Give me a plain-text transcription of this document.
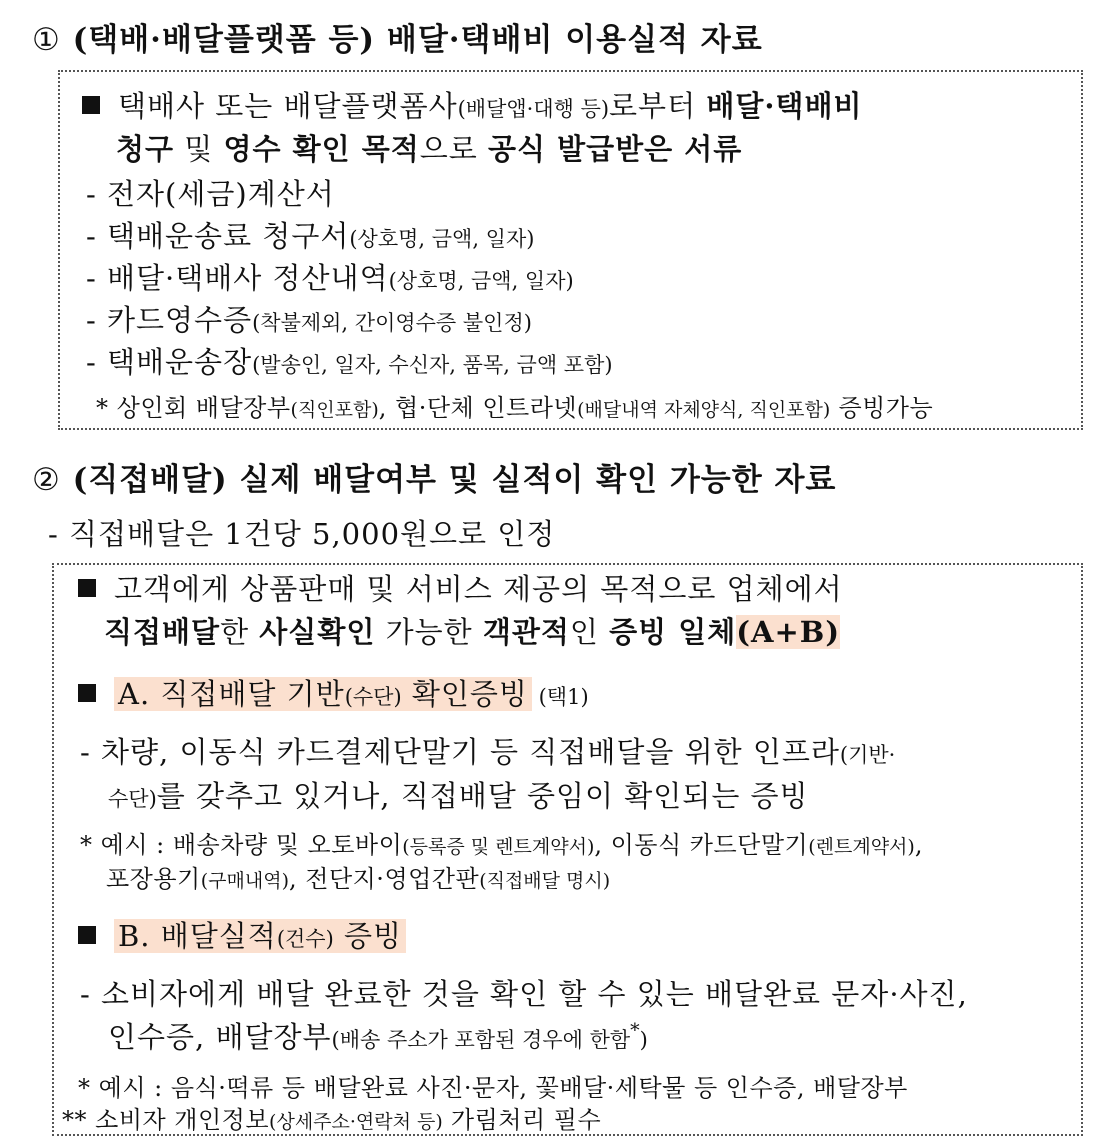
① (택배·배달플랫폼 등) 배달·택배비 이용실적 자료
택배사 또는 배달플랫폼사(배달앱·대행 등)로부터 배달·택배비
청구 및 영수 확인 목적으로 공식 발급받은 서류
- 전자(세금)계산서
- 택배운송료 청구서(상호명, 금액, 일자)
- 배달·택배사 정산내역(상호명, 금액, 일자)
- 카드영수증(착불제외, 간이영수증 불인정)
- 택배운송장(발송인, 일자, 수신자, 품목, 금액 포함)
* 상인회 배달장부(직인포함), 협·단체 인트라넷(배달내역 자체양식, 직인포함) 증빙가능
② (직접배달) 실제 배달여부 및 실적이 확인 가능한 자료
- 직접배달은 1건당 5,000원으로 인정
고객에게 상품판매 및 서비스 제공의 목적으로 업체에서
직접배달한 사실확인 가능한 객관적인 증빙 일체(A+B)
A. 직접배달 기반(수단) 확인증빙 (택1)
- 차량, 이동식 카드결제단말기 등 직접배달을 위한 인프라(기반·
수단)를 갖추고 있거나, 직접배달 중임이 확인되는 증빙
* 예시 : 배송차량 및 오토바이(등록증 및 렌트계약서), 이동식 카드단말기(렌트계약서),
포장용기(구매내역), 전단지·영업간판(직접배달 명시)
B. 배달실적(건수) 증빙
- 소비자에게 배달 완료한 것을 확인 할 수 있는 배달완료 문자·사진,
인수증, 배달장부(배송 주소가 포함된 경우에 한함*)
* 예시 : 음식·떡류 등 배달완료 사진·문자, 꽃배달·세탁물 등 인수증, 배달장부
** 소비자 개인정보(상세주소·연락처 등) 가림처리 필수
